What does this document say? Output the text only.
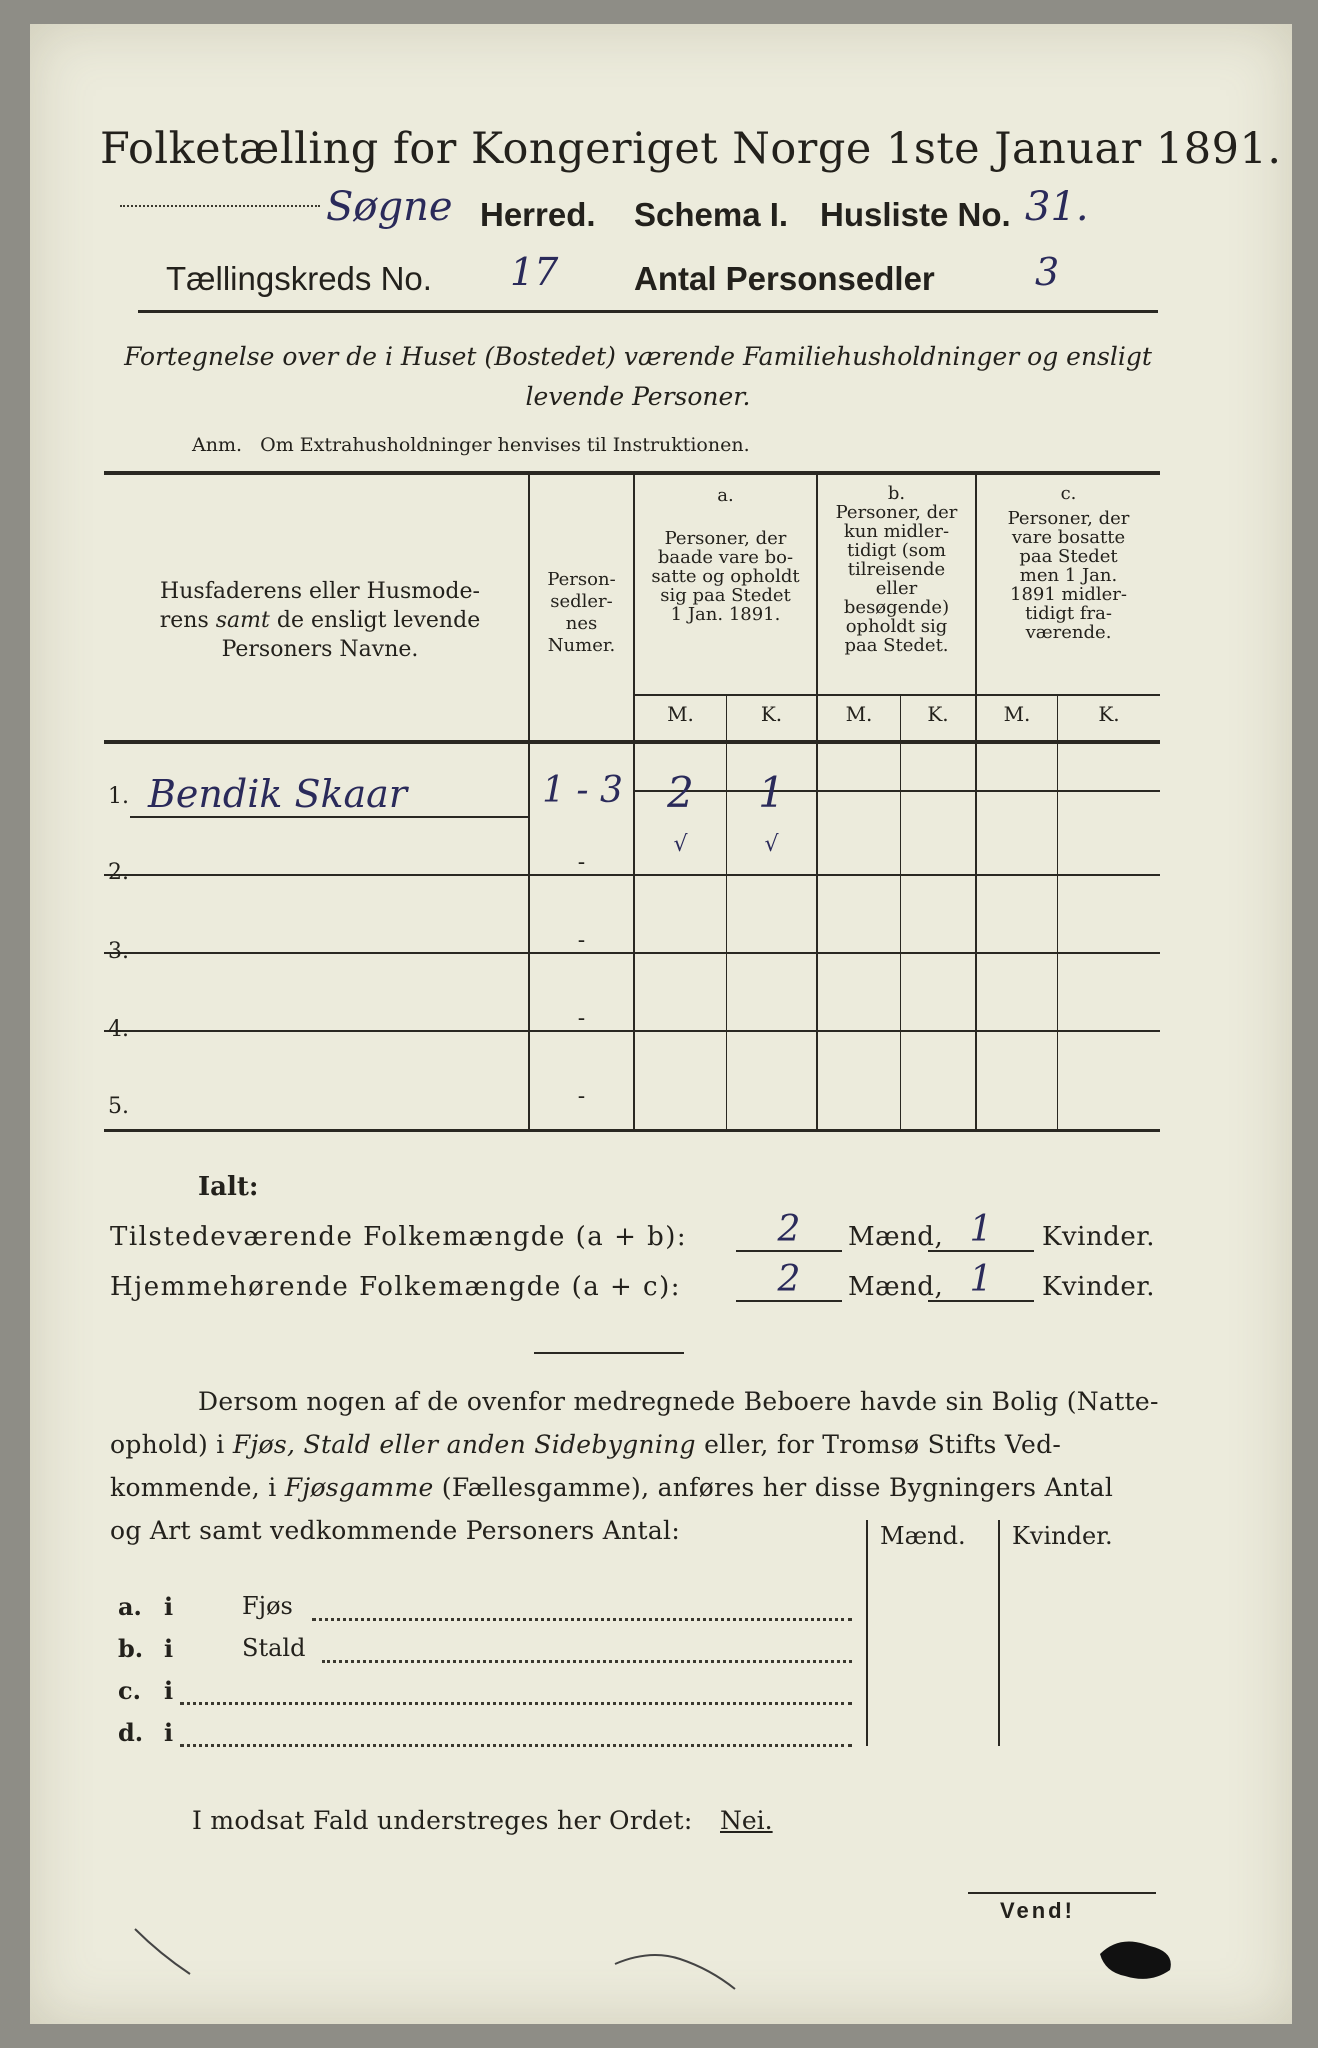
Folketælling for Kongeriget Norge 1ste Januar 1891.
Søgne Herred. Schema I. Husliste No. 31.
Tællingskreds No. 17 Antal Personsedler	3
Fortegnelse over de i Huset (Bostedet) værende Familiehusholdninger og ensligt
levende Personer.
Anm.   Om Extrahusholdninger henvises til Instruktionen.
Husfaderens eller Husmode-
rens samt de ensligt levende
Personers Navne.
Person-
sedler-
nes
Numer.
a.
Personer, der
baade vare bo-
satte og opholdt
sig paa Stedet
1 Jan. 1891.
b.
Personer, der
kun midler-
tidigt (som
tilreisende
eller
besøgende)
opholdt sig
paa Stedet.
c.
Personer, der
vare bosatte
paa Stedet
men 1 Jan.
1891 midler-
tidigt fra-
værende.
M.	K.	M.	K.	M.	K.
1. Bendik Skaar	1 - 3	2	1
2.	-
√	√
3.	-
4.	-
5.	-
Ialt:
Tilstedeværende Folkemængde (a + b):	2	Mænd, 1	Kvinder.
Hjemmehørende Folkemængde (a + c):	2	Mænd, 1	Kvinder.
Dersom nogen af de ovenfor medregnede Beboere havde sin Bolig (Natte-
ophold) i Fjøs, Stald eller anden Sidebygning eller, for Tromsø Stifts Ved-
kommende, i Fjøsgamme (Fællesgamme), anføres her disse Bygningers Antal
og Art samt vedkommende Personers Antal:	Mænd. Kvinder.
a. i	Fjøs
b. i	Stald
c. i
d. i
I modsat Fald understreges her Ordet: Nei.
Vend!
